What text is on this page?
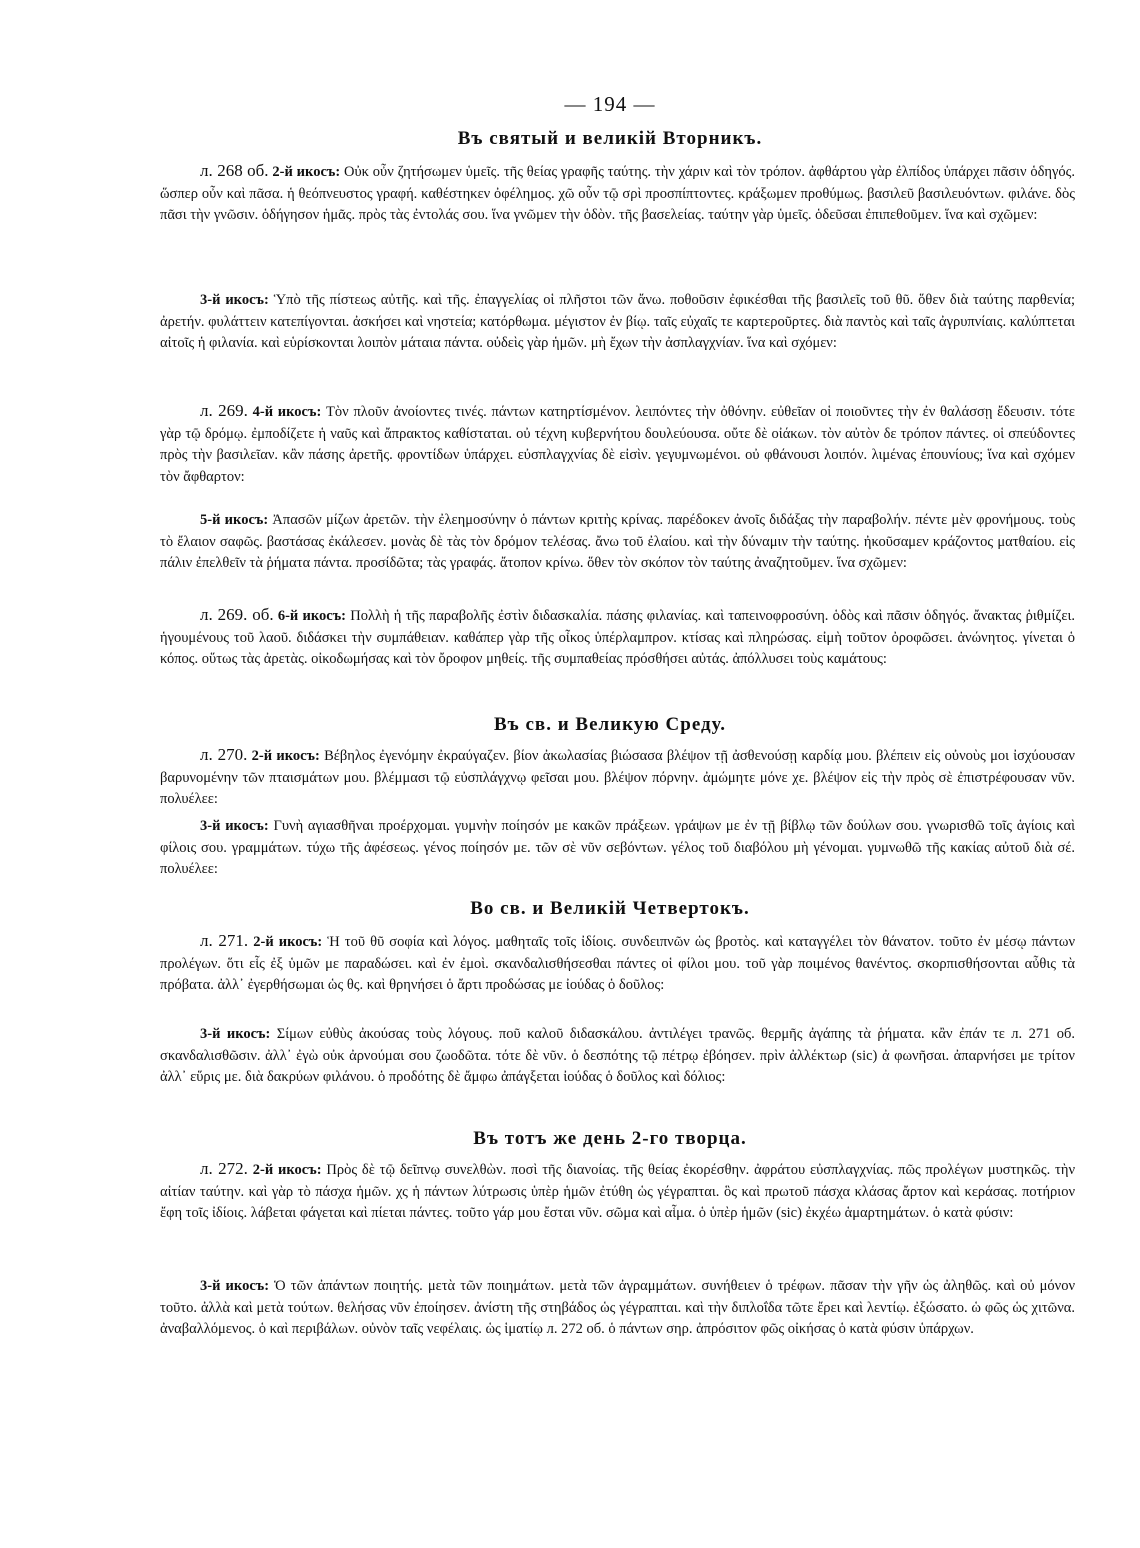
— 194 —
Въ святый и великій Вторникъ.

л. 268 об. 2-й икосъ: Οὐκ οὖν ζητήσωμεν ὑμεῖς. τῆς θείας γραφῆς ταύτης. τὴν χάριν καὶ τὸν τρόπον. ἀφθάρτου γὰρ ἐλπίδος ὑπάρχει πᾶσιν ὁδηγός. ὥσπερ οὖν καὶ πᾶσα. ἡ θεόπνευστος γραφή. καθέστηκεν ὀφέλημος. χῶ οὖν τῷ σρὶ προσπίπτοντες. κράξωμεν προθύμως. βασιλεῦ βασιλευόντων. φιλάνε. δὸς πᾶσι τὴν γνῶσιν. ὁδήγησον ἡμᾶς. πρὸς τὰς ἐντολάς σου. ἵνα γνῶμεν τὴν ὁδὸν. τῆς βασελείας. ταύτην γὰρ ὑμεῖς. ὁδεῦσαι ἐπιπεθοῦμεν. ἵνα καὶ σχῶμεν:

3-й икосъ: Ὑπὸ τῆς πίστεως αὐτῆς. καὶ τῆς. ἐπαγγελίας οἱ πλῆστοι τῶν ἄνω. ποθοῦσιν ἐφικέσθαι τῆς βασιλεῖς τοῦ θῦ. ὅθεν διὰ ταύτης παρθενία; ἀρετήν. φυλάττειν κατεπίγονται. ἀσκήσει καὶ νηστεία; κατόρθωμα. μέγιστον ἐν βίῳ. ταῖς εὐχαῖς τε καρτεροῦρτες. διὰ παντὸς καὶ ταῖς ἀγρυπνίαις. καλύπτεται αἰτοῖς ἡ φιλανία. καὶ εὑρίσκονται λοιπὸν μάταια πάντα. οὐδεὶς γὰρ ἡμῶν. μὴ ἔχων τὴν ἀσπλαγχνίαν. ἵνα καὶ σχόμεν:

л. 269. 4-й икосъ: Τὸν πλοῦν ἀνοίοντες τινές. πάντων κατηρτίσμένον. λειπόντες τὴν ὀθόνην. εὐθεῖαν οἱ ποιοῦντες τὴν ἐν θαλάσσῃ ἔδευσιν. τότε γὰρ τῷ δρόμῳ. ἐμποδίζετε ἡ ναῦς καὶ ἄπρακτος καθίσταται. οὐ τέχνη κυβερνήτου δουλεύουσα. οὔτε δὲ οἰάκων. τὸν αὐτὸν δε τρόπον πάντες. οἱ σπεύδοντες πρὸς τὴν βασιλεῖαν. κἂν πάσης ἀρετῆς. φροντίδων ὑπάρχει. εὐσπλαγχνίας δὲ εἰσὶν. γεγυμνωμένοι. οὐ φθάνουσι λοιπόν. λιμένας ἐπουνίους; ἵνα καὶ σχόμεν τὸν ἄφθαρτον:

5-й икосъ: Ἀπασῶν μίζων ἀρετῶν. τὴν ἐλεημοσύνην ὁ πάντων κριτὴς κρίνας. παρέδοκεν ἀνοῖς διδάξας τὴν παραβολήν. πέντε μὲν φρονήμους. τοὺς τὸ ἔλαιον σαφῶς. βαστάσας ἐκάλεσεν. μονὰς δὲ τὰς τὸν δρόμον τελέσας. ἄνω τοῦ ἐλαίου. καὶ τὴν δύναμιν τὴν ταύτης. ἠκοῦσαμεν κράζοντος ματθαίου. εἰς πάλιν ἐπελθεῖν τὰ ῥήματα πάντα. προσίδῶτα; τὰς γραφάς. ἄτοπον κρίνω. ὅθεν τὸν σκόπον τὸν ταύτης ἀναζητοῦμεν. ἵνα σχῶμεν:

л. 269. об. 6-й икосъ: Πολλὴ ἡ τῆς παραβολῆς ἐστὶν διδασκαλία. πάσης φιλανίας. καὶ ταπεινοφροσύνη. ὁδὸς καὶ πᾶσιν ὁδηγός. ἄνακτας ῥιθμίζει. ἡγουμένους τοῦ λαοῦ. διδάσκει τὴν συμπάθειαν. καθάπερ γὰρ τῆς οἶκος ὑπέρλαμπρον. κτίσας καὶ πληρώσας. εἰμὴ τοῦτον ὀροφῶσει. ἀνώνητος. γίνεται ὁ κόπος. οὕτως τὰς ἀρετὰς. οἰκοδωμήσας καὶ τὸν ὄροφον μηθείς. τῆς συμπαθείας πρόσθήσει αὐτάς. ἀπόλλυσει τοὺς καμάτους:

Въ св. и Великую Среду.

л. 270. 2-й икосъ: Βέβηλος ἐγενόμην ἐκραύγαζεν. βίον ἀκωλασίας βιώσασα βλέψον τῇ ἀσθενούσῃ καρδίᾳ μου. βλέπειν εἰς οὐνοὺς μοι ἰσχύουσαν βαρυνομένην τῶν πταισμάτων μου. βλέμμασι τῷ εὐσπλάγχνῳ φεῖσαι μου. βλέψον πόρνην. ἀμώμητε μόνε χε. βλέψον εἰς τὴν πρὸς σὲ ἐπιστρέφουσαν νῦν. πολυέλεε:

3-й икосъ: Γυνὴ αγιασθῆναι προέρχομαι. γυμνὴν ποίησόν με κακῶν πράξεων. γράψων με ἐν τῇ βίβλῳ τῶν δούλων σου. γνωρισθῶ τοῖς ἁγίοις καὶ φίλοις σου. γραμμάτων. τύχω τῆς ἀφέσεως. γένος ποίησόν με. τῶν σὲ νῦν σεβόντων. γέλος τοῦ διαβόλου μὴ γένομαι. γυμνωθῶ τῆς κακίας αὐτοῦ διὰ σέ. πολυέλεε:

Во св. и Великій Четвертокъ.

л. 271. 2-й икосъ: Ἡ τοῦ θῦ σοφία καὶ λόγος. μαθηταῖς τοῖς ἰδίοις. συνδειπνῶν ὡς βροτὸς. καὶ καταγγέλει τὸν θάνατον. τοῦτο ἐν μέσῳ πάντων προλέγων. ὅτι εἷς ἐξ ὑμῶν με παραδώσει. καὶ ἐν ἐμοὶ. σκανδαλισθήσεσθαι πάντες οἱ φίλοι μου. τοῦ γὰρ ποιμένος θανέντος. σκορπισθήσονται αὖθις τὰ πρόβατα. ἀλλ᾽ ἐγερθήσωμαι ὡς θς. καὶ θρηνήσει ὁ ἄρτι προδώσας με ἰούδας ὁ δοῦλος:

3-й икосъ: Σίμων εὐθὺς ἀκούσας τοὺς λόγους. ποῦ καλοῦ διδασκάλου. ἀντιλέγει τρανῶς. θερμῆς ἀγάπης τὰ ῥήματα. κἂν ἐπάν τε л. 271 об. σκανδαλισθῶσιν. ἀλλ᾽ ἐγὼ οὐκ ἀρνούμαι σου ζωοδῶτα. τότε δὲ νῦν. ὁ δεσπότης τῷ πέτρῳ ἐβόησεν. πρὶν ἀλλέκτωρ (sic) ἀ φωνῆσαι. ἀπαρνήσει με τρίτον ἀλλ᾽ εὕρις με. διὰ δακρύων φιλάνου. ὁ προδότης δὲ ἄμφω ἀπάγξεται ἰούδας ὁ δοῦλος καὶ δόλιος:

Въ тотъ же день 2-го творца.

л. 272. 2-й икосъ: Πρὸς δὲ τῷ δεῖπνῳ συνελθὼν. ποσὶ τῆς διανοίας. τῆς θείας ἐκορέσθην. ἀφράτου εὐσπλαγχνίας. πῶς προλέγων μυστηκῶς. τὴν αἰτίαν ταύτην. καὶ γὰρ τὸ πάσχα ἡμῶν. χς ἡ πάντων λύτρωσις ὑπὲρ ἡμῶν ἐτύθη ὡς γέγραπται. ὃς καὶ πρωτοῦ πάσχα κλάσας ἄρτον καὶ κεράσας. ποτήριον ἔφη τοῖς ἰδίοις. λάβεται φάγεται καὶ πίεται πάντες. τοῦτο γάρ μου ἔσται νῦν. σῶμα καὶ αἷμα. ὁ ὑπὲρ ἡμῶν (sic) ἐκχέω ἁμαρτημάτων. ὁ κατὰ φύσιν:

3-й икосъ: Ὁ τῶν ἀπάντων ποιητής. μετὰ τῶν ποιημάτων. μετὰ τῶν ἀγραμμάτων. συνήθειεν ὁ τρέφων. πᾶσαν τὴν γῆν ὡς ἀληθῶς. καὶ οὐ μόνον τοῦτο. ἀλλὰ καὶ μετὰ τούτων. θελήσας νῦν ἐποίησεν. ἀνίστη τῆς στηβάδος ὡς γέγραπται. καὶ τὴν διπλοΐδα τῶτε ἔρει καὶ λεντίῳ. ἐξώσατο. ὡ φῶς ὡς χιτῶνα. ἀναβαλλόμενος. ὁ καὶ περιβάλων. οὐνὸν ταῖς νεφέλαις. ὡς ἱματίῳ л. 272 об. ὁ πάντων σηρ. ἀπρόσιτον φῶς οἰκήσας ὁ κατὰ φύσιν ὑπάρχων.
